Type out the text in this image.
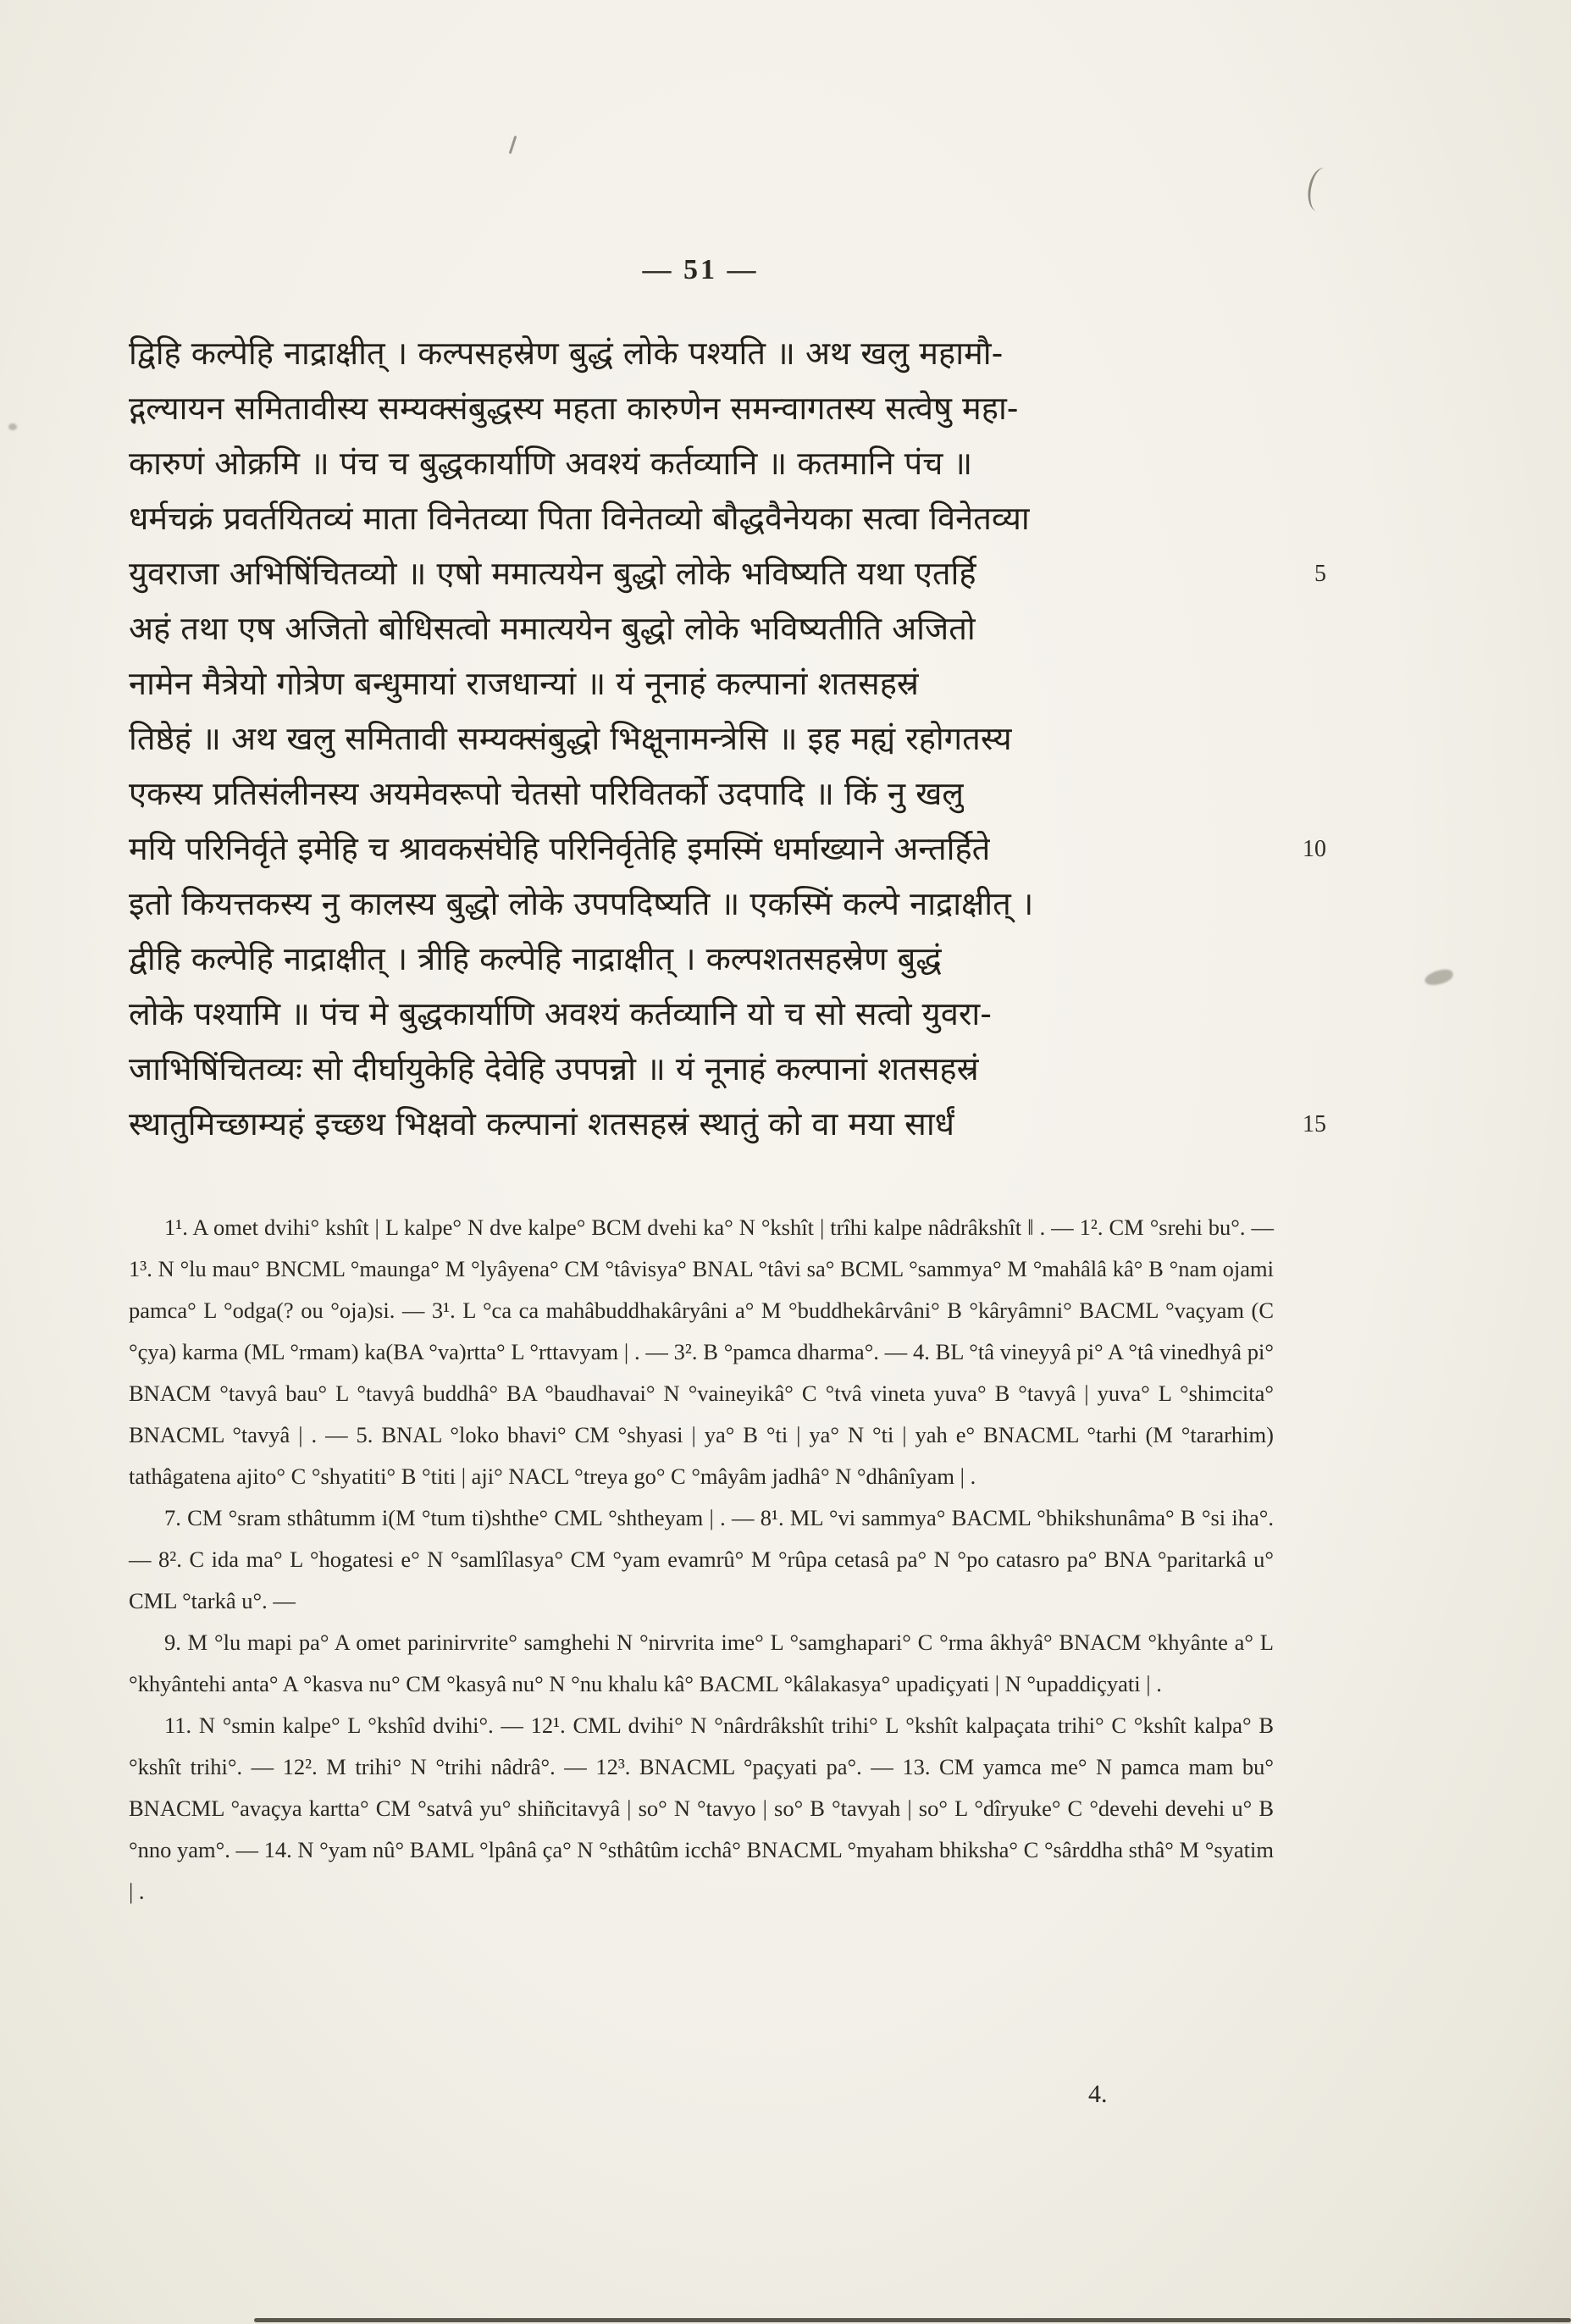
— 51 —
द्विहि कल्पेहि नाद्राक्षीत् । कल्पसहस्रेण बुद्धं लोके पश्यति ॥ अथ खलु महामौ-
द्गल्यायन समितावीस्य सम्यक्संबुद्धस्य महता कारुणेन समन्वागतस्य सत्वेषु महा-
कारुणं ओक्रमि ॥ पंच च बुद्धकार्याणि अवश्यं कर्तव्यानि ॥ कतमानि पंच ॥
धर्मचक्रं प्रवर्तयितव्यं माता विनेतव्या पिता विनेतव्यो बौद्धवैनेयका सत्वा विनेतव्या
युवराजा अभिषिंचितव्यो ॥ एषो ममात्ययेन बुद्धो लोके भविष्यति यथा एतर्हि	5
अहं तथा एष अजितो बोधिसत्वो ममात्ययेन बुद्धो लोके भविष्यतीति अजितो
नामेन मैत्रेयो गोत्रेण बन्धुमायां राजधान्यां ॥ यं नूनाहं कल्पानां शतसहस्रं
तिष्ठेहं ॥ अथ खलु समितावी सम्यक्संबुद्धो भिक्षूनामन्त्रेसि ॥ इह मह्यं रहोगतस्य
एकस्य प्रतिसंलीनस्य अयमेवरूपो चेतसो परिवितर्को उदपादि ॥ किं नु खलु
मयि परिनिर्वृते इमेहि च श्रावकसंघेहि परिनिर्वृतेहि इमस्मिं धर्माख्याने अन्तर्हिते	10
इतो कियत्तकस्य नु कालस्य बुद्धो लोके उपपदिष्यति ॥ एकस्मिं कल्पे नाद्राक्षीत् ।
द्वीहि कल्पेहि नाद्राक्षीत् । त्रीहि कल्पेहि नाद्राक्षीत् । कल्पशतसहस्रेण बुद्धं
लोके पश्यामि ॥ पंच मे बुद्धकार्याणि अवश्यं कर्तव्यानि यो च सो सत्वो युवरा-
जाभिषिंचितव्यः सो दीर्घायुकेहि देवेहि उपपन्नो ॥ यं नूनाहं कल्पानां शतसहस्रं
स्थातुमिच्छाम्यहं इच्छथ भिक्षवो कल्पानां शतसहस्रं स्थातुं को वा मया सार्धं	15

1¹. A omet dvihi° kshît | L kalpe° N dve kalpe° BCM dvehi ka° N °kshît | trîhi kalpe nâdrâkshît ‖ . — 1². CM °srehi bu°. — 1³. N °lu mau° BNCML °maunga° M °lyâyena° CM °tâvisya° BNAL °tâvi sa° BCML °sammya° M °mahâlâ kâ° B °nam ojami pamca° L °odga(? ou °oja)si. — 3¹. L °ca ca mahâbuddhakâryâni a° M °buddhekârvâni° B °kâryâmni° BACML °vaçyam (C °çya) karma (ML °rmam) ka(BA °va)rtta° L °rttavyam | . — 3². B °pamca dharma°. — 4. BL °tâ vineyyâ pi° A °tâ vinedhyâ pi° BNACM °tavyâ bau° L °tavyâ buddhâ° BA °baudhavai° N °vaineyikâ° C °tvâ vineta yuva° B °tavyâ | yuva° L °shimcita° BNACML °tavyâ | . — 5. BNAL °loko bhavi° CM °shyasi | ya° B °ti | ya° N °ti | yah e° BNACML °tarhi (M °tararhim) tathâgatena ajito° C °shyatiti° B °titi | aji° NACL °treya go° C °mâyâm jadhâ° N °dhânîyam | .

7. CM °sram sthâtumm i(M °tum ti)shthe° CML °shtheyam | . — 8¹. ML °vi sammya° BACML °bhikshunâma° B °si iha°. — 8². C ida ma° L °hogatesi e° N °samlîlasya° CM °yam evamrû° M °rûpa cetasâ pa° N °po catasro pa° BNA °paritarkâ u° CML °tarkâ u°. —

9. M °lu mapi pa° A omet parinirvrite° samghehi N °nirvrita ime° L °samghapari° C °rma âkhyâ° BNACM °khyânte a° L °khyântehi anta° A °kasva nu° CM °kasyâ nu° N °nu khalu kâ° BACML °kâlakasya° upadiçyati | N °upaddiçyati | .

11. N °smin kalpe° L °kshîd dvihi°. — 12¹. CML dvihi° N °nârdrâkshît trihi° L °kshît kalpaçata trihi° C °kshît kalpa° B °kshît trihi°. — 12². M trihi° N °trihi nâdrâ°. — 12³. BNACML °paçyati pa°. — 13. CM yamca me° N pamca mam bu° BNACML °avaçya kartta° CM °satvâ yu° shiñcitavyâ | so° N °tavyo | so° B °tavyah | so° L °dîryuke° C °devehi devehi u° B °nno yam°. — 14. N °yam nû° BAML °lpânâ ça° N °sthâtûm icchâ° BNACML °myaham bhiksha° C °sârddha sthâ° M °syatim | .

4.
